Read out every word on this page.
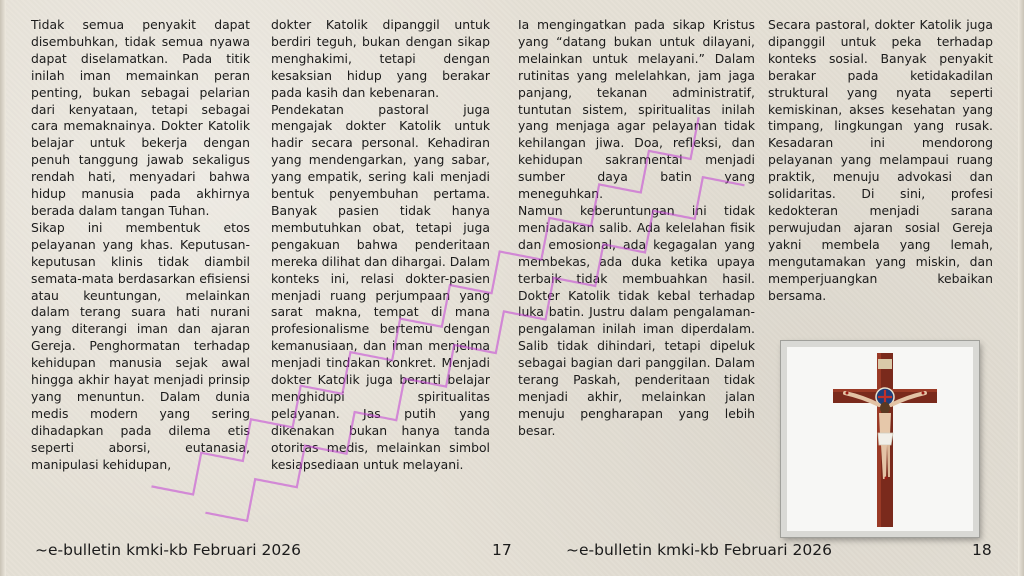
Tidak semua penyakit dapat disembuhkan, tidak semua nyawa dapat diselamatkan. Pada titik inilah iman memainkan peran penting, bukan sebagai pelarian dari kenyataan, tetapi sebagai cara memaknainya. Dokter Katolik belajar untuk bekerja dengan penuh tanggung jawab sekaligus rendah hati, menyadari bahwa hidup manusia pada akhirnya berada dalam tangan Tuhan.

Sikap ini membentuk etos pelayanan yang khas. Keputusan-keputusan klinis tidak diambil semata-mata berdasarkan efisiensi atau keuntungan, melainkan dalam terang suara hati nurani yang diterangi iman dan ajaran Gereja. Penghormatan terhadap kehidupan manusia sejak awal hingga akhir hayat menjadi prinsip yang menuntun. Dalam dunia medis modern yang sering dihadapkan pada dilema etis seperti aborsi, eutanasia, manipulasi kehidupan,

dokter Katolik dipanggil untuk berdiri teguh, bukan dengan sikap menghakimi, tetapi dengan kesaksian hidup yang berakar pada kasih dan kebenaran.

Pendekatan pastoral juga mengajak dokter Katolik untuk hadir secara personal. Kehadiran yang mendengarkan, yang sabar, yang empatik, sering kali menjadi bentuk penyembuhan pertama. Banyak pasien tidak hanya membutuhkan obat, tetapi juga pengakuan bahwa penderitaan mereka dilihat dan dihargai. Dalam konteks ini, relasi dokter-pasien menjadi ruang perjumpaan yang sarat makna, tempat di mana profesionalisme bertemu dengan kemanusiaan, dan iman menjelma menjadi tindakan konkret. Menjadi dokter Katolik juga berarti belajar menghidupi spiritualitas pelayanan. Jas putih yang dikenakan bukan hanya tanda otoritas medis, melainkan simbol kesiapsediaan untuk melayani.

Ia mengingatkan pada sikap Kristus yang “datang bukan untuk dilayani, melainkan untuk melayani.” Dalam rutinitas yang melelahkan, jam jaga panjang, tekanan administratif, tuntutan sistem, spiritualitas inilah yang menjaga agar pelayanan tidak kehilangan jiwa. Doa, refleksi, dan kehidupan sakramental menjadi sumber daya batin yang meneguhkan.

Namun keberuntungan ini tidak meniadakan salib. Ada kelelahan fisik dan emosional, ada kegagalan yang membekas, ada duka ketika upaya terbaik tidak membuahkan hasil. Dokter Katolik tidak kebal terhadap luka batin. Justru dalam pengalaman-pengalaman inilah iman diperdalam. Salib tidak dihindari, tetapi dipeluk sebagai bagian dari panggilan. Dalam terang Paskah, penderitaan tidak menjadi akhir, melainkan jalan menuju pengharapan yang lebih besar.

Secara pastoral, dokter Katolik juga dipanggil untuk peka terhadap konteks sosial. Banyak penyakit berakar pada ketidakadilan struktural yang nyata seperti kemiskinan, akses kesehatan yang timpang, lingkungan yang rusak. Kesadaran ini mendorong pelayanan yang melampaui ruang praktik, menuju advokasi dan solidaritas. Di sini, profesi kedokteran menjadi sarana perwujudan ajaran sosial Gereja yakni membela yang lemah, mengutamakan yang miskin, dan memperjuangkan kebaikan bersama.

~e-bulletin kmki-kb Februari 2026	17	~e-bulletin kmki-kb Februari 2026	18
